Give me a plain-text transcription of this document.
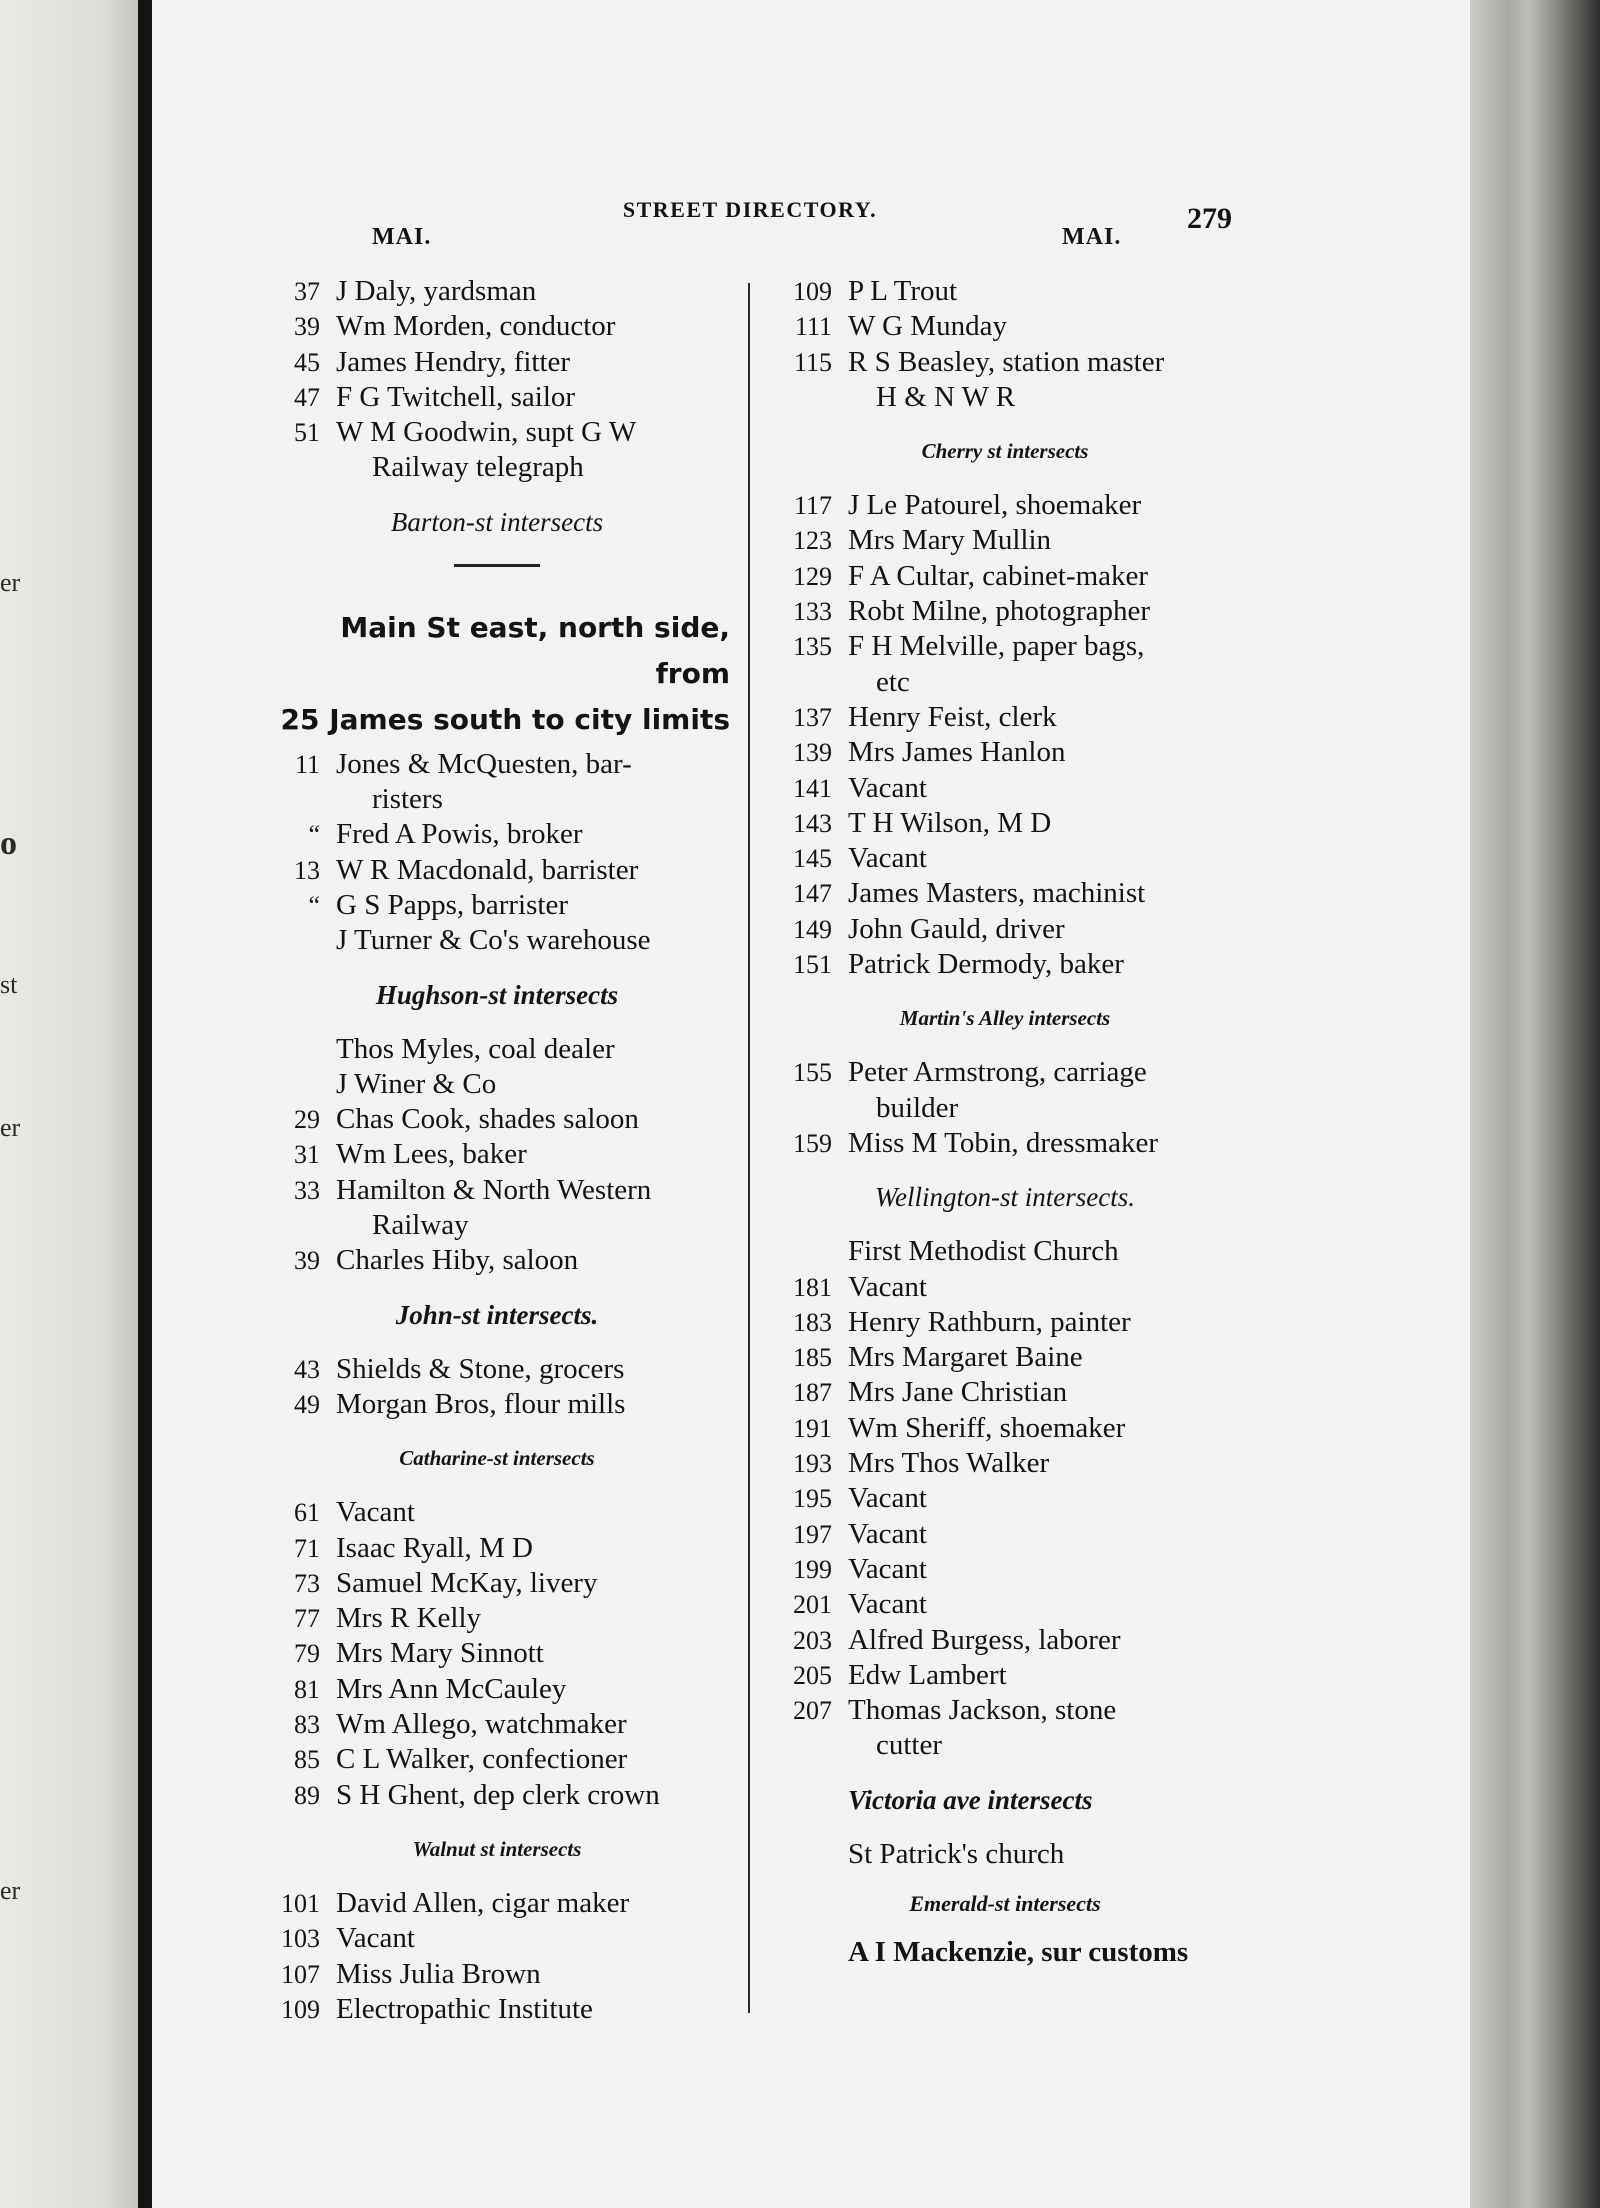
er
o
st
er
er
STREET DIRECTORY.
MAI.	MAI.
279
37 J Daly, yardsman
39 Wm Morden, conductor
45 James Hendry, fitter
47 F G Twitchell, sailor
51 W M Goodwin, supt G W
Railway telegraph
Barton-st intersects
Main St east, north side, from
25 James south to city limits
11 Jones & McQuesten, bar-
risters
“ Fred A Powis, broker
13 W R Macdonald, barrister
“ G S Papps, barrister
J Turner & Co's warehouse
Hughson-st intersects
Thos Myles, coal dealer
J Winer & Co
29 Chas Cook, shades saloon
31 Wm Lees, baker
33 Hamilton & North Western
Railway
39 Charles Hiby, saloon
John-st intersects.
43 Shields & Stone, grocers
49 Morgan Bros, flour mills
Catharine-st intersects
61 Vacant
71 Isaac Ryall, M D
73 Samuel McKay, livery
77 Mrs R Kelly
79 Mrs Mary Sinnott
81 Mrs Ann McCauley
83 Wm Allego, watchmaker
85 C L Walker, confectioner
89 S H Ghent, dep clerk crown
Walnut st intersects
101 David Allen, cigar maker
103 Vacant
107 Miss Julia Brown
109 Electropathic Institute
109 P L Trout
111 W G Munday
115 R S Beasley, station master
H & N W R
Cherry st intersects
117 J Le Patourel, shoemaker
123 Mrs Mary Mullin
129 F A Cultar, cabinet-maker
133 Robt Milne, photographer
135 F H Melville, paper bags,
etc
137 Henry Feist, clerk
139 Mrs James Hanlon
141 Vacant
143 T H Wilson, M D
145 Vacant
147 James Masters, machinist
149 John Gauld, driver
151 Patrick Dermody, baker
Martin's Alley intersects
155 Peter Armstrong, carriage
builder
159 Miss M Tobin, dressmaker
Wellington-st intersects.
First Methodist Church
181 Vacant
183 Henry Rathburn, painter
185 Mrs Margaret Baine
187 Mrs Jane Christian
191 Wm Sheriff, shoemaker
193 Mrs Thos Walker
195 Vacant
197 Vacant
199 Vacant
201 Vacant
203 Alfred Burgess, laborer
205 Edw Lambert
207 Thomas Jackson, stone
cutter
Victoria ave intersects
St Patrick's church
Emerald-st intersects
A I Mackenzie, sur customs
